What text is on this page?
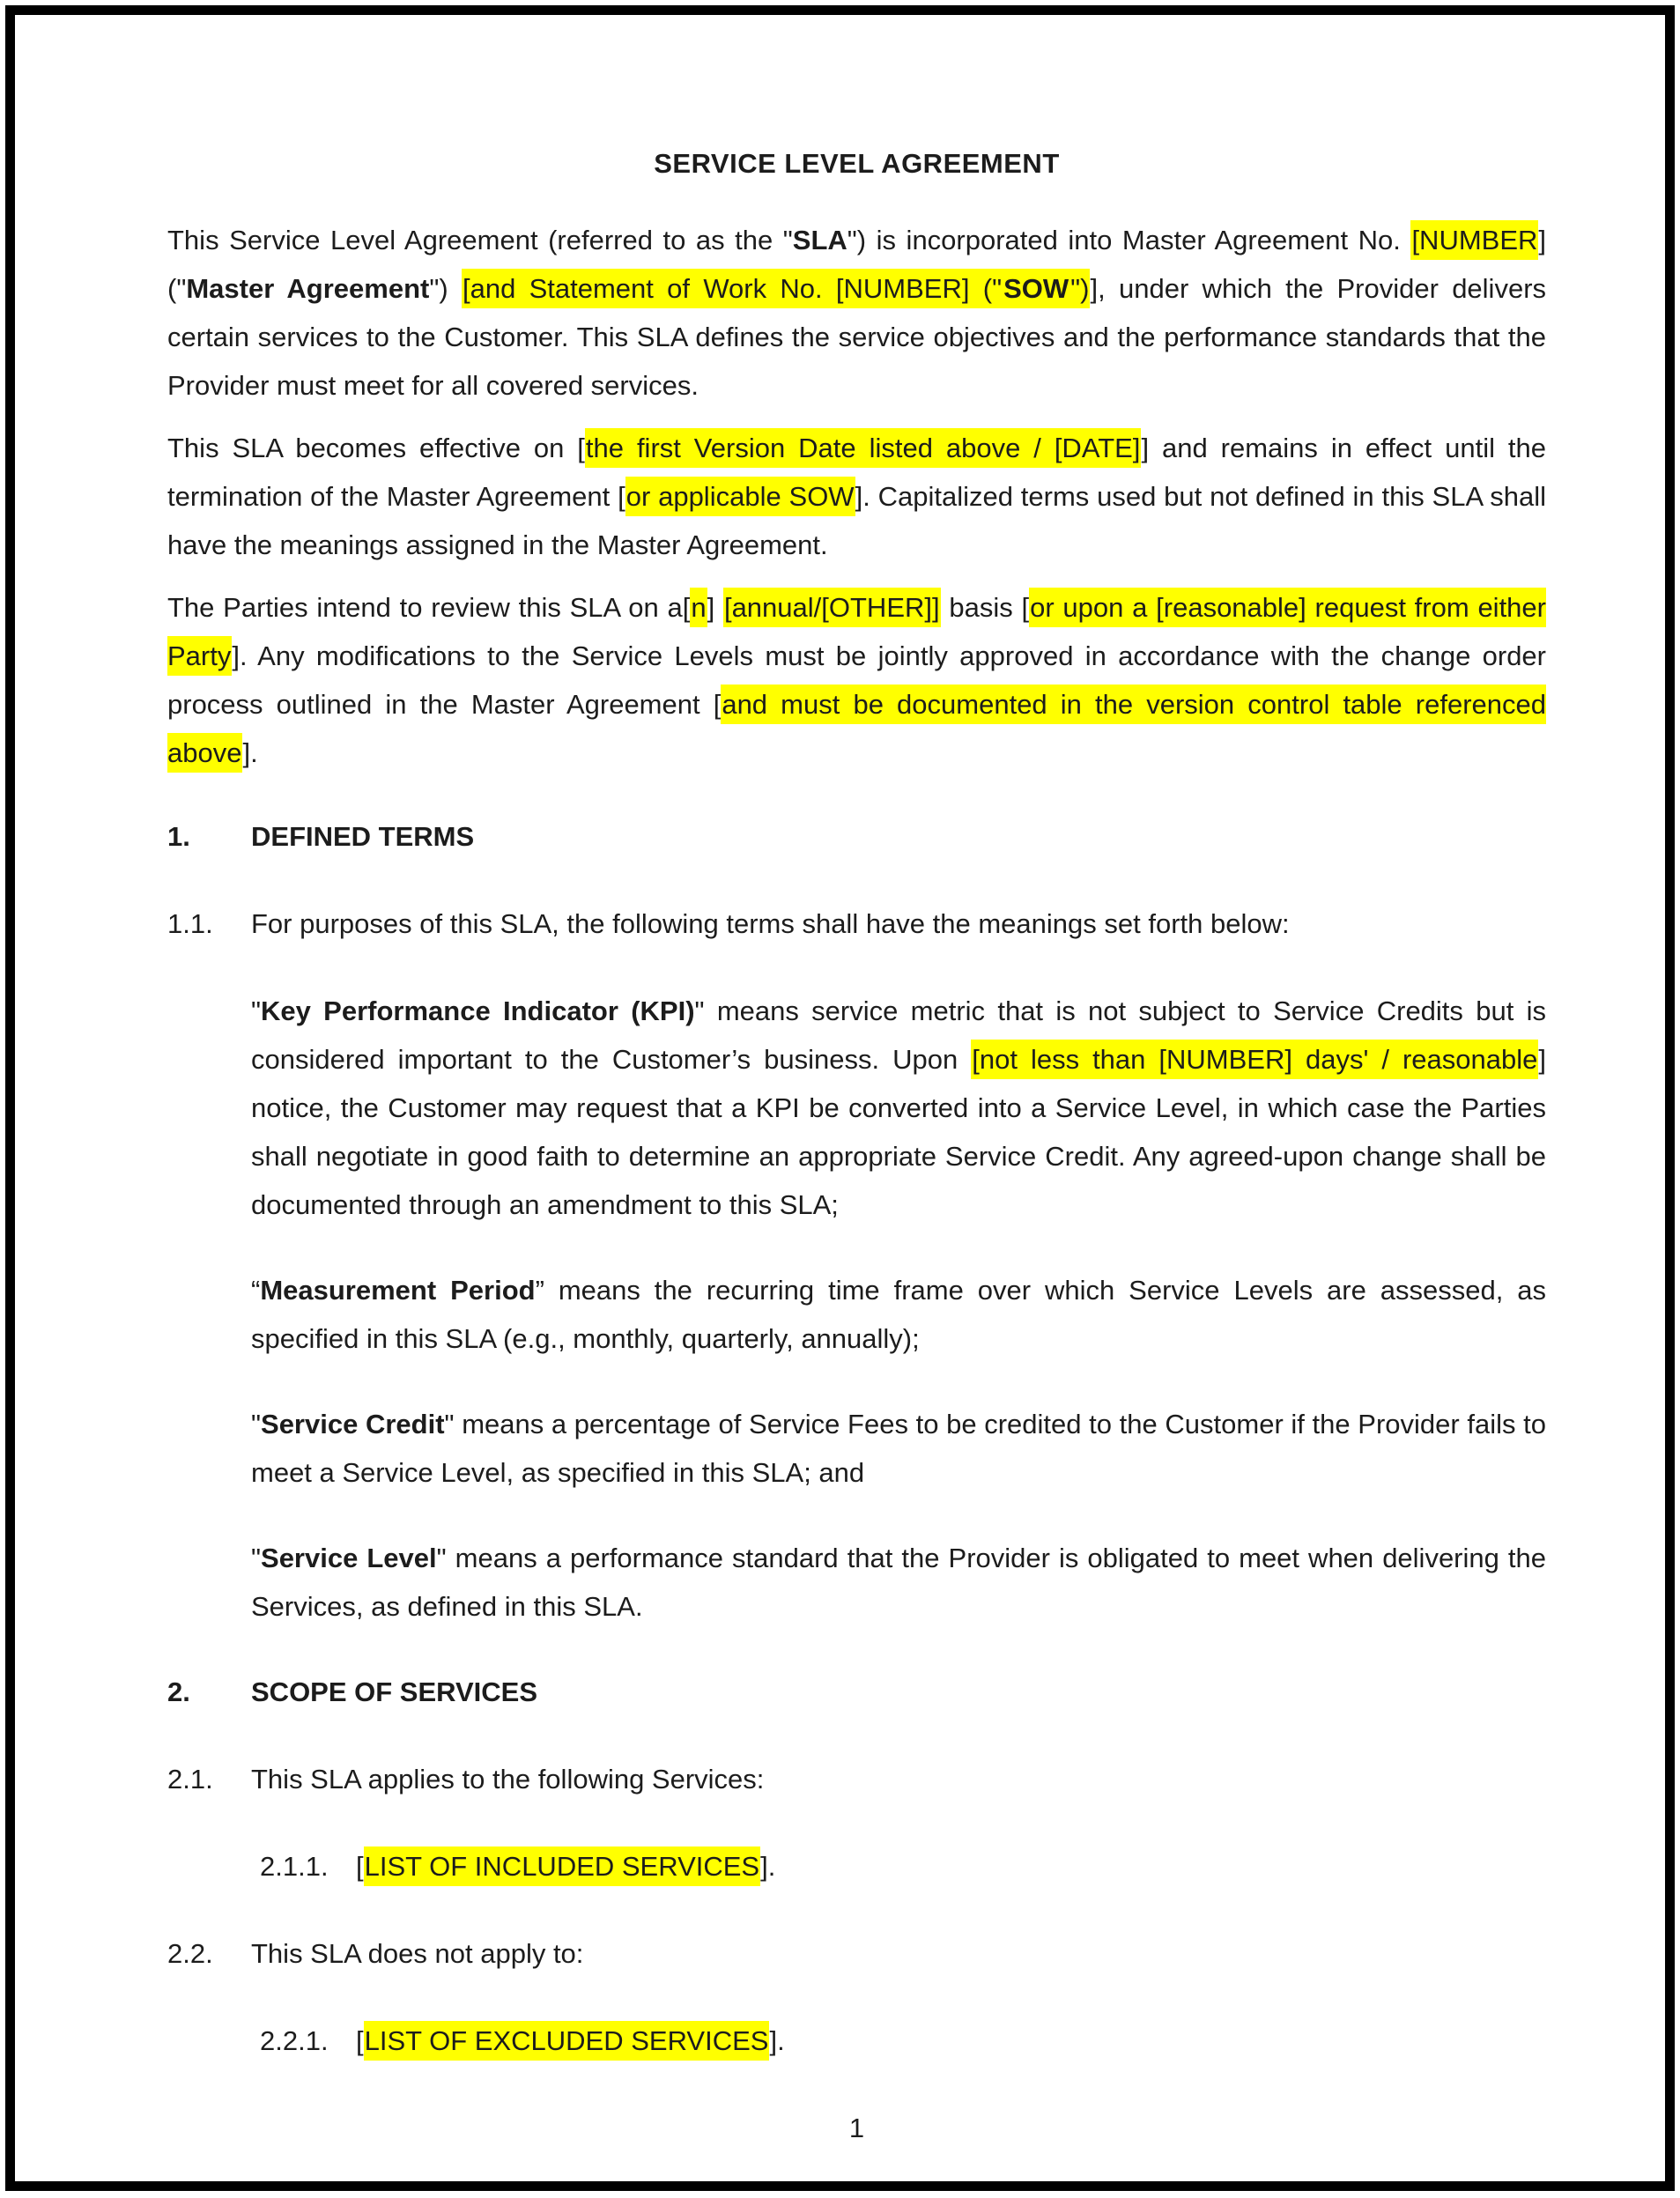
SERVICE LEVEL AGREEMENT

This Service Level Agreement (referred to as the "SLA") is incorporated into Master Agreement No. [NUMBER] ("Master Agreement") [and Statement of Work No. [NUMBER] ("SOW")], under which the Provider delivers certain services to the Customer. This SLA defines the service objectives and the performance standards that the Provider must meet for all covered services.

This SLA becomes effective on [the first Version Date listed above / [DATE]] and remains in effect until the termination of the Master Agreement [or applicable SOW]. Capitalized terms used but not defined in this SLA shall have the meanings assigned in the Master Agreement.

The Parties intend to review this SLA on a[n] [annual/[OTHER]] basis [or upon a [reasonable] request from either Party]. Any modifications to the Service Levels must be jointly approved in accordance with the change order process outlined in the Master Agreement [and must be documented in the version control table referenced above].

1. DEFINED TERMS
1.1. For purposes of this SLA, the following terms shall have the meanings set forth below:
"Key Performance Indicator (KPI)" means service metric that is not subject to Service Credits but is considered important to the Customer’s business. Upon [not less than [NUMBER] days' / reasonable] notice, the Customer may request that a KPI be converted into a Service Level, in which case the Parties shall negotiate in good faith to determine an appropriate Service Credit. Any agreed-upon change shall be documented through an amendment to this SLA;
“Measurement Period” means the recurring time frame over which Service Levels are assessed, as specified in this SLA (e.g., monthly, quarterly, annually);
"Service Credit" means a percentage of Service Fees to be credited to the Customer if the Provider fails to meet a Service Level, as specified in this SLA; and
"Service Level" means a performance standard that the Provider is obligated to meet when delivering the Services, as defined in this SLA.
2. SCOPE OF SERVICES
2.1. This SLA applies to the following Services:
2.1.1. [LIST OF INCLUDED SERVICES].
2.2. This SLA does not apply to:
2.2.1. [LIST OF EXCLUDED SERVICES].
1
